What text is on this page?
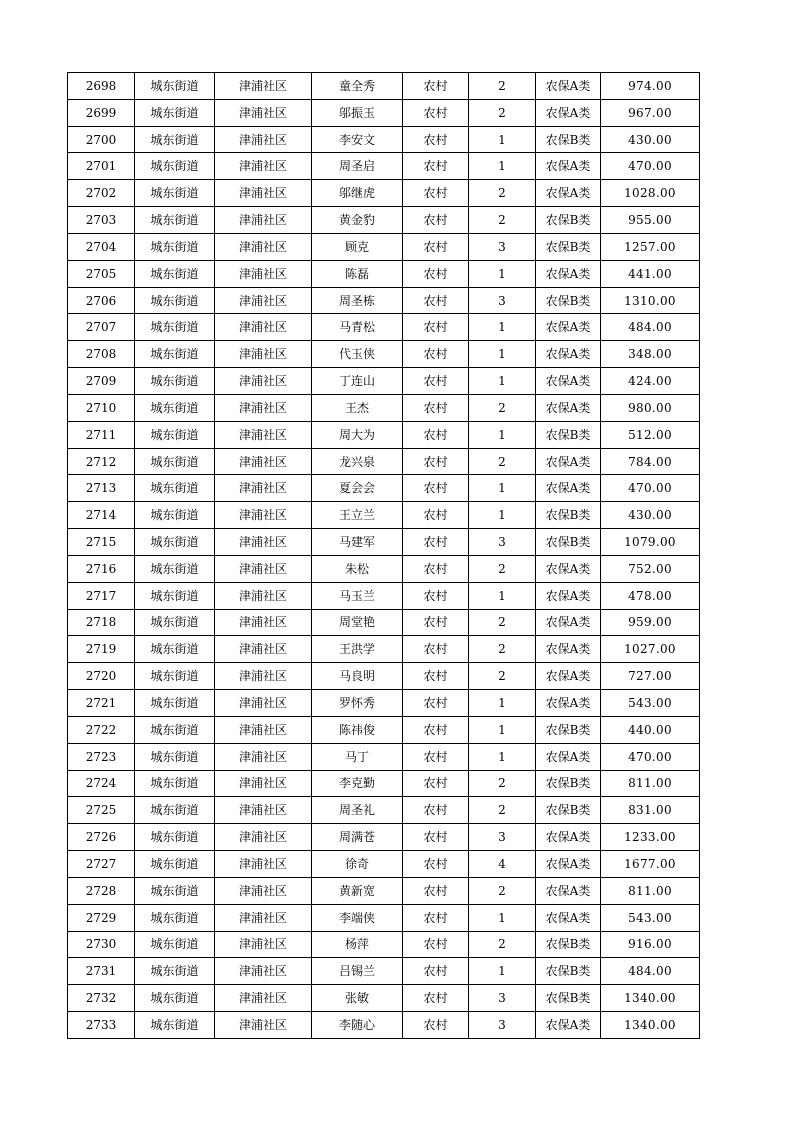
2698	城东街道	津浦社区	童全秀	农村	2	农保A类	974.00
2699	城东街道	津浦社区	邬振玉	农村	2	农保A类	967.00
2700	城东街道	津浦社区	李安文	农村	1	农保B类	430.00
2701	城东街道	津浦社区	周圣启	农村	1	农保A类	470.00
2702	城东街道	津浦社区	邬继虎	农村	2	农保A类	1028.00
2703	城东街道	津浦社区	黄金豹	农村	2	农保B类	955.00
2704	城东街道	津浦社区	顾克	农村	3	农保B类	1257.00
2705	城东街道	津浦社区	陈磊	农村	1	农保A类	441.00
2706	城东街道	津浦社区	周圣栋	农村	3	农保B类	1310.00
2707	城东街道	津浦社区	马青松	农村	1	农保A类	484.00
2708	城东街道	津浦社区	代玉侠	农村	1	农保A类	348.00
2709	城东街道	津浦社区	丁连山	农村	1	农保A类	424.00
2710	城东街道	津浦社区	王杰	农村	2	农保A类	980.00
2711	城东街道	津浦社区	周大为	农村	1	农保B类	512.00
2712	城东街道	津浦社区	龙兴泉	农村	2	农保A类	784.00
2713	城东街道	津浦社区	夏会会	农村	1	农保A类	470.00
2714	城东街道	津浦社区	王立兰	农村	1	农保B类	430.00
2715	城东街道	津浦社区	马建军	农村	3	农保B类	1079.00
2716	城东街道	津浦社区	朱松	农村	2	农保A类	752.00
2717	城东街道	津浦社区	马玉兰	农村	1	农保A类	478.00
2718	城东街道	津浦社区	周堂艳	农村	2	农保A类	959.00
2719	城东街道	津浦社区	王洪学	农村	2	农保A类	1027.00
2720	城东街道	津浦社区	马良明	农村	2	农保A类	727.00
2721	城东街道	津浦社区	罗怀秀	农村	1	农保A类	543.00
2722	城东街道	津浦社区	陈祎俊	农村	1	农保B类	440.00
2723	城东街道	津浦社区	马丁	农村	1	农保A类	470.00
2724	城东街道	津浦社区	李克勤	农村	2	农保B类	811.00
2725	城东街道	津浦社区	周圣礼	农村	2	农保B类	831.00
2726	城东街道	津浦社区	周满苍	农村	3	农保A类	1233.00
2727	城东街道	津浦社区	徐奇	农村	4	农保A类	1677.00
2728	城东街道	津浦社区	黄新宽	农村	2	农保A类	811.00
2729	城东街道	津浦社区	李端侠	农村	1	农保A类	543.00
2730	城东街道	津浦社区	杨萍	农村	2	农保B类	916.00
2731	城东街道	津浦社区	吕锡兰	农村	1	农保B类	484.00
2732	城东街道	津浦社区	张敏	农村	3	农保B类	1340.00
2733	城东街道	津浦社区	李随心	农村	3	农保A类	1340.00
